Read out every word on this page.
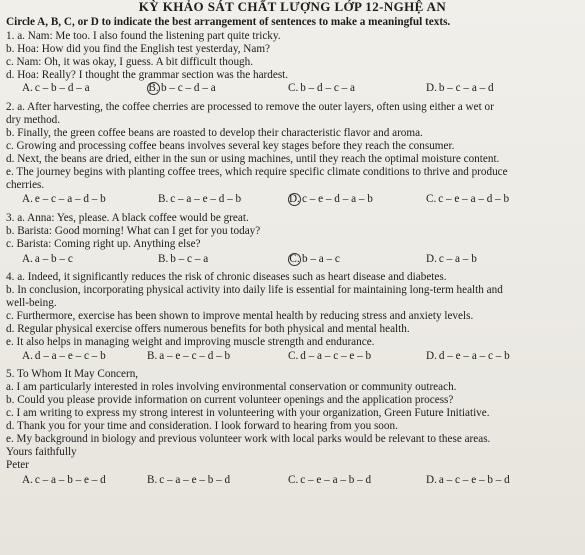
KỲ KHẢO SÁT CHẤT LƯỢNG LỚP 12-NGHỆ AN
Circle A, B, C, or D to indicate the best arrangement of sentences to make a meaningful texts.
1. a. Nam: Me too. I also found the listening part quite tricky.
b. Hoa: How did you find the English test yesterday, Nam?
c. Nam: Oh, it was okay, I guess. A bit difficult though.
d. Hoa: Really? I thought the grammar section was the hardest.
A. c – b – d – a	B. b – c – d – a	C. b – d – c – a	D. b – c – a – d
2. a. After harvesting, the coffee cherries are processed to remove the outer layers, often using either a wet or
dry method.
b. Finally, the green coffee beans are roasted to develop their characteristic flavor and aroma.
c. Growing and processing coffee beans involves several key stages before they reach the consumer.
d. Next, the beans are dried, either in the sun or using machines, until they reach the optimal moisture content.
e. The journey begins with planting coffee trees, which require specific climate conditions to thrive and produce
cherries.
A. e – c – a – d – b	B. c – a – e – d – b	D. c – e – d – a – b	C. c – e – a – d – b
3. a. Anna: Yes, please. A black coffee would be great.
b. Barista: Good morning! What can I get for you today?
c. Barista: Coming right up. Anything else?
A. a – b – c	B. b – c – a	C. b – a – c	D. c – a – b
4. a. Indeed, it significantly reduces the risk of chronic diseases such as heart disease and diabetes.
b. In conclusion, incorporating physical activity into daily life is essential for maintaining long-term health and
well-being.
c. Furthermore, exercise has been shown to improve mental health by reducing stress and anxiety levels.
d. Regular physical exercise offers numerous benefits for both physical and mental health.
e. It also helps in managing weight and improving muscle strength and endurance.
A. d – a – e – c – b	B. a – e – c – d – b	C. d – a – c – e – b	D. d – e – a – c – b
5. To Whom It May Concern,
a. I am particularly interested in roles involving environmental conservation or community outreach.
b. Could you please provide information on current volunteer openings and the application process?
c. I am writing to express my strong interest in volunteering with your organization, Green Future Initiative.
d. Thank you for your time and consideration. I look forward to hearing from you soon.
e. My background in biology and previous volunteer work with local parks would be relevant to these areas.
Yours faithfully
Peter
A. c – a – b – e – d	B. c – a – e – b – d	C. c – e – a – b – d	D. a – c – e – b – d
